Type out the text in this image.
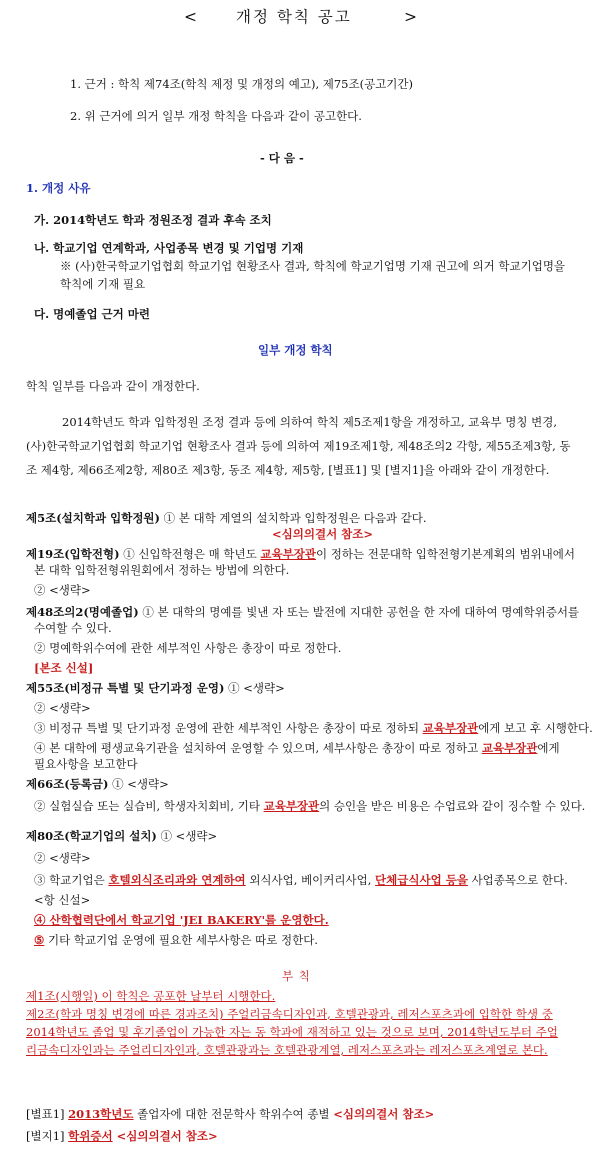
<	개정 학칙 공고	>
1. 근거 : 학칙 제74조(학칙 제정 및 개정의 예고), 제75조(공고기간)
2. 위 근거에 의거 일부 개정 학칙을 다음과 같이 공고한다.
- 다 음 -
1. 개정 사유
가. 2014학년도 학과 정원조정 결과 후속 조치
나. 학교기업 연계학과, 사업종목 변경 및 기업명 기재
※ (사)한국학교기업협회 학교기업 현황조사 결과, 학칙에 학교기업명 기재 권고에 의거 학교기업명을
학칙에 기재 필요
다. 명예졸업 근거 마련
일부 개정 학칙
학칙 일부를 다음과 같이 개정한다.
2014학년도 학과 입학정원 조정 결과 등에 의하여 학칙 제5조제1항을 개정하고, 교육부 명칭 변경,
(사)한국학교기업협회 학교기업 현황조사 결과 등에 의하여 제19조제1항, 제48조의2 각항, 제55조제3항, 동
조 제4항, 제66조제2항, 제80조 제3항, 동조 제4항, 제5항, [별표1] 및 [별지1]을 아래와 같이 개정한다.
제5조(설치학과 입학정원) ① 본 대학 계열의 설치학과 입학정원은 다음과 같다.
<심의의결서 참조>
제19조(입학전형) ① 신입학전형은 매 학년도 교육부장관이 정하는 전문대학 입학전형기본계획의 범위내에서
본 대학 입학전형위원회에서 정하는 방법에 의한다.
② <생략>
제48조의2(명예졸업) ① 본 대학의 명예를 빛낸 자 또는 발전에 지대한 공헌을 한 자에 대하여 명예학위증서를
수여할 수 있다.
② 명예학위수여에 관한 세부적인 사항은 총장이 따로 정한다.
[본조 신설]
제55조(비정규 특별 및 단기과정 운영) ① <생략>
② <생략>
③ 비정규 특별 및 단기과정 운영에 관한 세부적인 사항은 총장이 따로 정하되 교육부장관에게 보고 후 시행한다.
④ 본 대학에 평생교육기관을 설치하여 운영할 수 있으며, 세부사항은 총장이 따로 정하고 교육부장관에게
필요사항을 보고한다
제66조(등록금) ① <생략>
② 실험실습 또는 실습비, 학생자치회비, 기타 교육부장관의 승인을 받은 비용은 수업료와 같이 징수할 수 있다.
제80조(학교기업의 설치) ① <생략>
② <생략>
③ 학교기업은 호텔외식조리과와 연계하여 외식사업, 베이커리사업, 단체급식사업 등을 사업종목으로 한다.
<항 신설>
④ 산학협력단에서 학교기업 'JEI BAKERY'를 운영한다.
⑤ 기타 학교기업 운영에 필요한 세부사항은 따로 정한다.
부 칙
제1조(시행일) 이 학칙은 공포한 날부터 시행한다.
제2조(학과 명칭 변경에 따른 경과조치) 주얼리금속디자인과, 호텔관광과, 레저스포츠과에 입학한 학생 중
2014학년도 졸업 및 후기졸업이 가능한 자는 동 학과에 재적하고 있는 것으로 보며, 2014학년도부터 주얼
리금속디자인과는 주얼리디자인과, 호텔관광과는 호텔관광계열, 레저스포츠과는 레저스포츠계열로 본다.
[별표1] 2013학년도 졸업자에 대한 전문학사 학위수여 종별 <심의의결서 참조>
[별지1] 학위증서 <심의의결서 참조>
